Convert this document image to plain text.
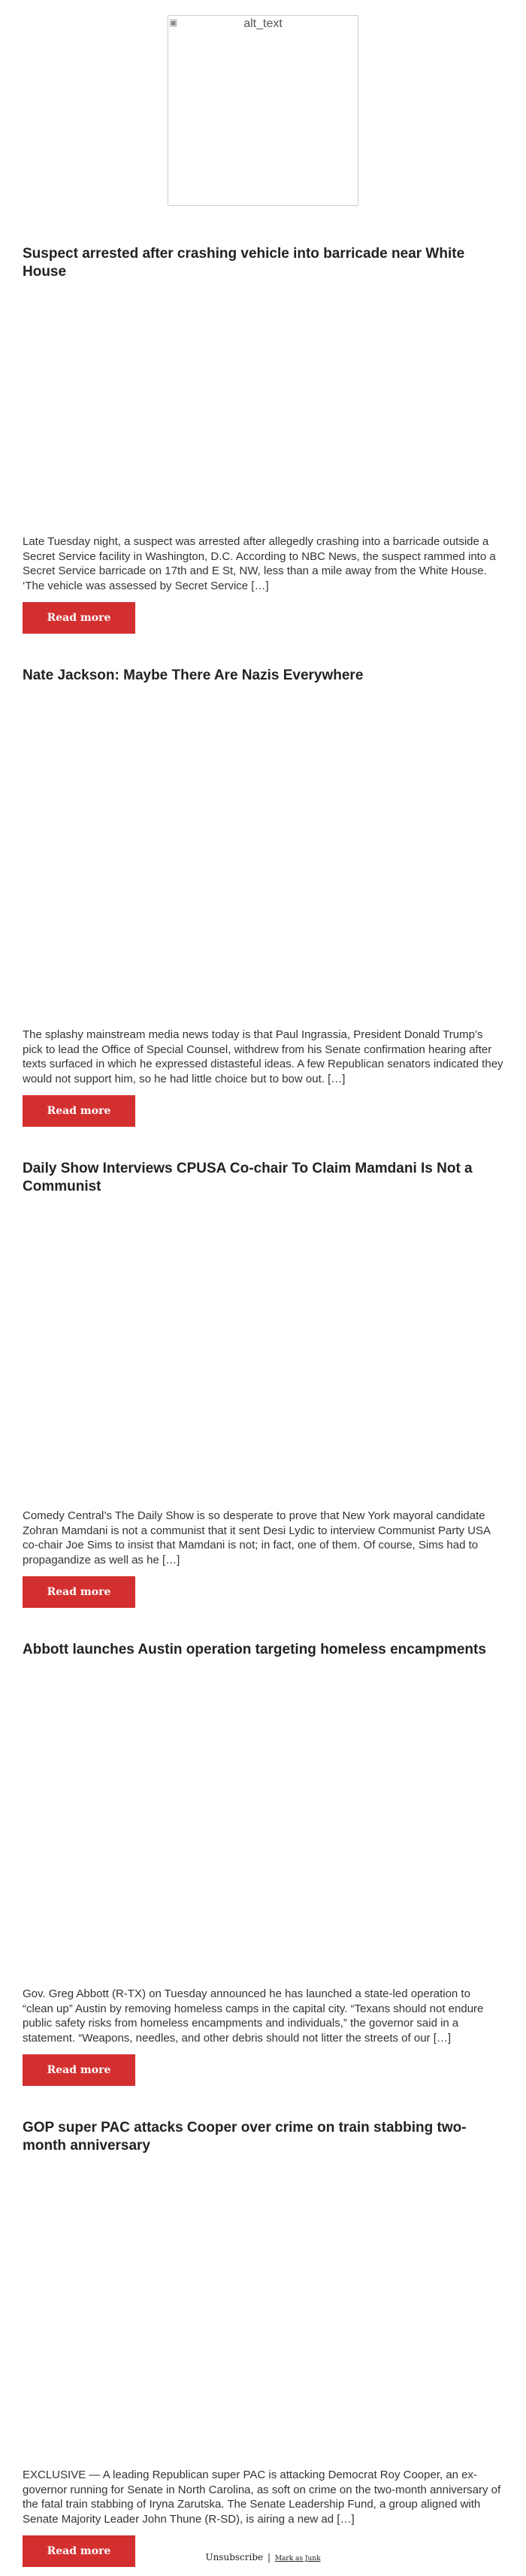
▣	alt_text
Suspect arrested after crashing vehicle into barricade near White House

Late Tuesday night, a suspect was arrested after allegedly crashing into a barricade outside a Secret Service facility in Washington, D.C. According to NBC News, the suspect rammed into a Secret Service barricade on 17th and E St, NW, less than a mile away from the White House. ‘The vehicle was assessed by Secret Service […]

Read more
Nate Jackson: Maybe There Are Nazis Everywhere

The splashy mainstream media news today is that Paul Ingrassia, President Donald Trump’s pick to lead the Office of Special Counsel, withdrew from his Senate confirmation hearing after texts surfaced in which he expressed distasteful ideas. A few Republican senators indicated they would not support him, so he had little choice but to bow out. […]

Read more
Daily Show Interviews CPUSA Co-chair To Claim Mamdani Is Not a Communist

Comedy Central’s The Daily Show is so desperate to prove that New York mayoral candidate Zohran Mamdani is not a communist that it sent Desi Lydic to interview Communist Party USA co-chair Joe Sims to insist that Mamdani is not; in fact, one of them. Of course, Sims had to propagandize as well as he […]

Read more
Abbott launches Austin operation targeting homeless encampments

Gov. Greg Abbott (R-TX) on Tuesday announced he has launched a state-led operation to “clean up” Austin by removing homeless camps in the capital city. “Texans should not endure public safety risks from homeless encampments and individuals,” the governor said in a statement. “Weapons, needles, and other debris should not litter the streets of our […]

Read more
GOP super PAC attacks Cooper over crime on train stabbing two-month anniversary

EXCLUSIVE — A leading Republican super PAC is attacking Democrat Roy Cooper, an ex-governor running for Senate in North Carolina, as soft on crime on the two-month anniversary of the fatal train stabbing of Iryna Zarutska. The Senate Leadership Fund, a group aligned with Senate Majority Leader John Thune (R-SD), is airing a new ad […]

Read more	Unsubscribe | Mark as Junk
